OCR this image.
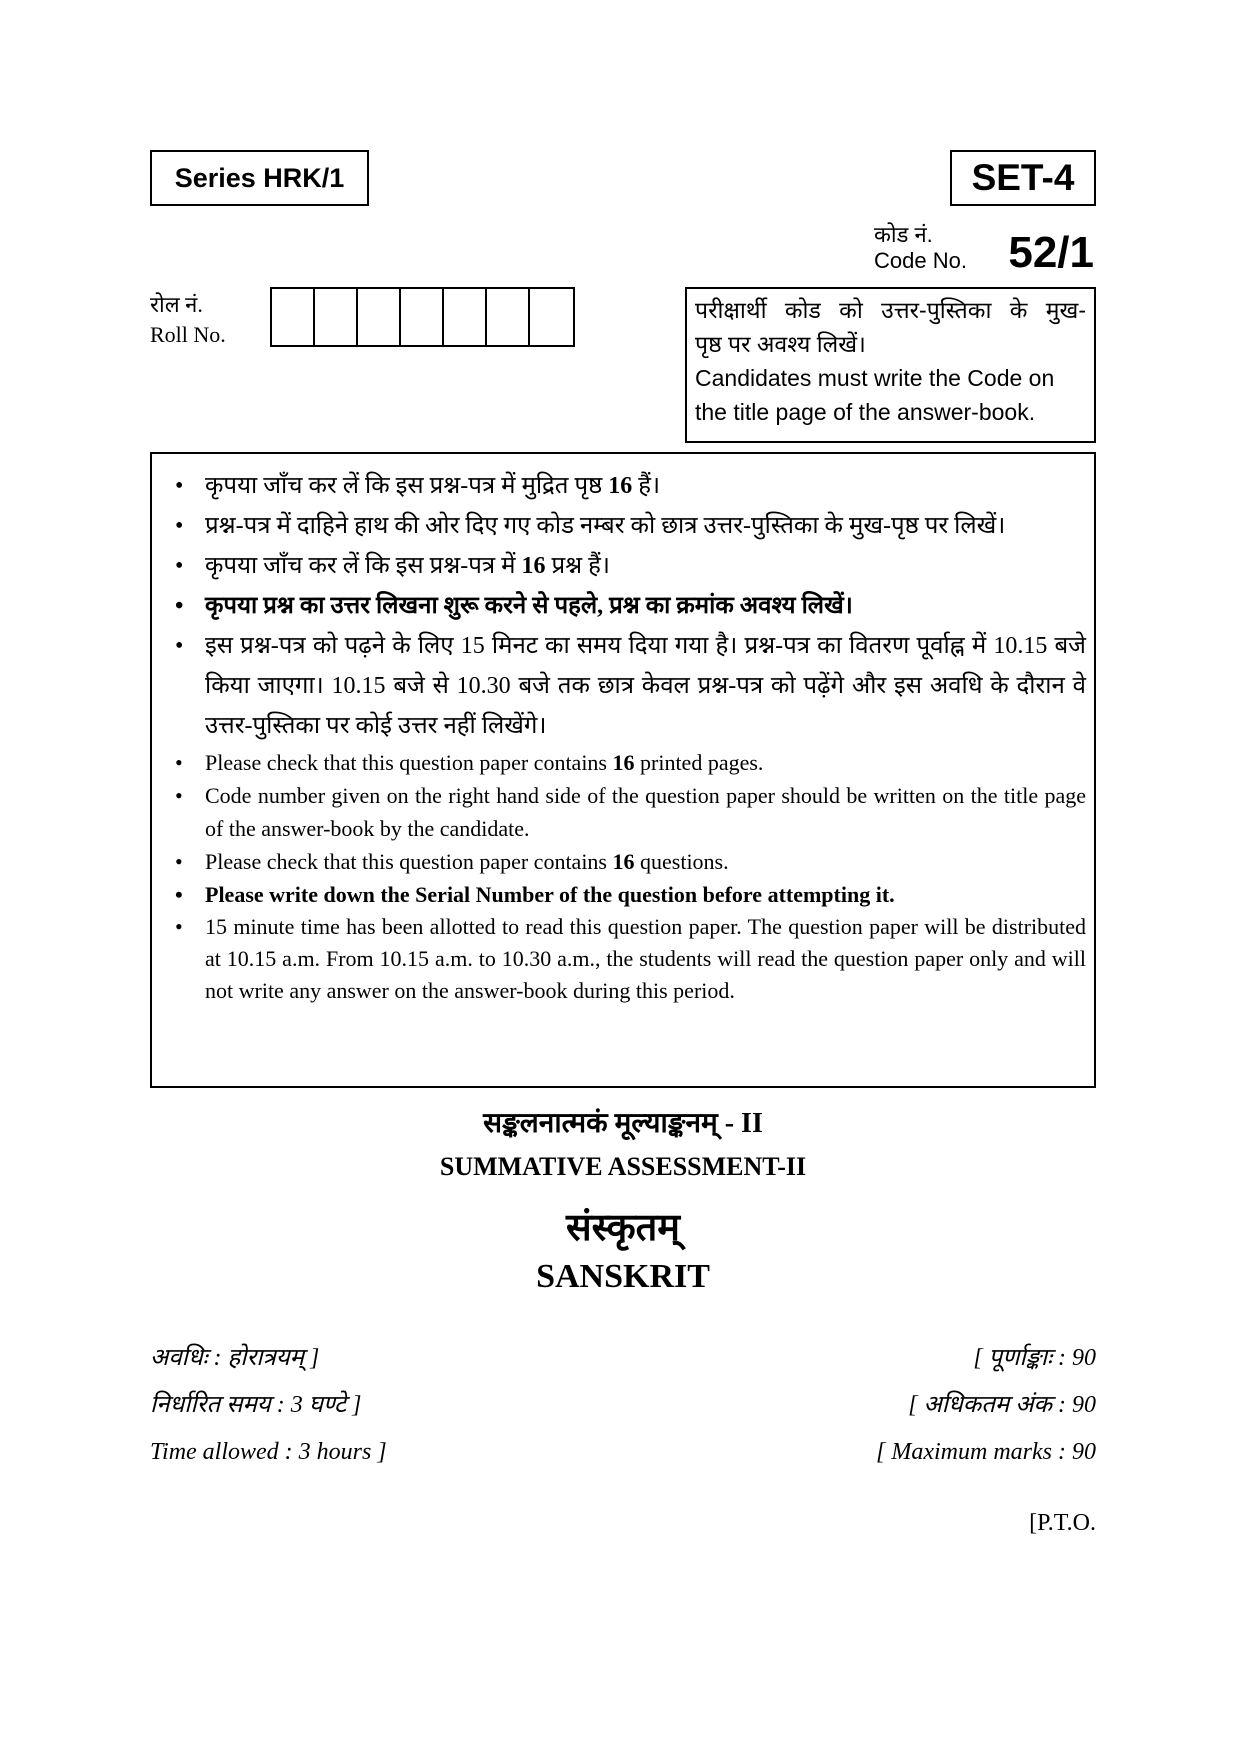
Series HRK/1	SET-4
कोड नं.
Code No. 52/1
रोल नं.
Roll No.
परीक्षार्थी कोड को उत्तर-पुस्तिका के मुख-
पृष्ठ पर अवश्य लिखें।
Candidates must write the Code on the title page of the answer-book.
• कृपया जाँच कर लें कि इस प्रश्न-पत्र में मुद्रित पृष्ठ 16 हैं।
• प्रश्न-पत्र में दाहिने हाथ की ओर दिए गए कोड नम्बर को छात्र उत्तर-पुस्तिका के मुख-पृष्ठ पर लिखें।
• कृपया जाँच कर लें कि इस प्रश्न-पत्र में 16 प्रश्न हैं।
• कृपया प्रश्न का उत्तर लिखना शुरू करने से पहले, प्रश्न का क्रमांक अवश्य लिखें।
• इस प्रश्न-पत्र को पढ़ने के लिए 15 मिनट का समय दिया गया है। प्रश्न-पत्र का वितरण पूर्वाह्न में 10.15 बजे किया जाएगा। 10.15 बजे से 10.30 बजे तक छात्र केवल प्रश्न-पत्र को पढ़ेंगे और इस अवधि के दौरान वे उत्तर-पुस्तिका पर कोई उत्तर नहीं लिखेंगे।
• Please check that this question paper contains 16 printed pages.
• Code number given on the right hand side of the question paper should be written on the title page of the answer-book by the candidate.
• Please check that this question paper contains 16 questions.
• Please write down the Serial Number of the question before attempting it.
• 15 minute time has been allotted to read this question paper. The question paper will be distributed at 10.15 a.m. From 10.15 a.m. to 10.30 a.m., the students will read the question paper only and will not write any answer on the answer-book during this period.
सङ्कलनात्मकं मूल्याङ्कनम् - II
SUMMATIVE ASSESSMENT-II
संस्कृतम्
SANSKRIT
अवधिः : होरात्रयम् ]
निर्धारित समय : 3 घण्टे ]
Time allowed : 3 hours ]
[ पूर्णाङ्काः : 90
[ अधिकतम अंक : 90
[ Maximum marks : 90
[P.T.O.
